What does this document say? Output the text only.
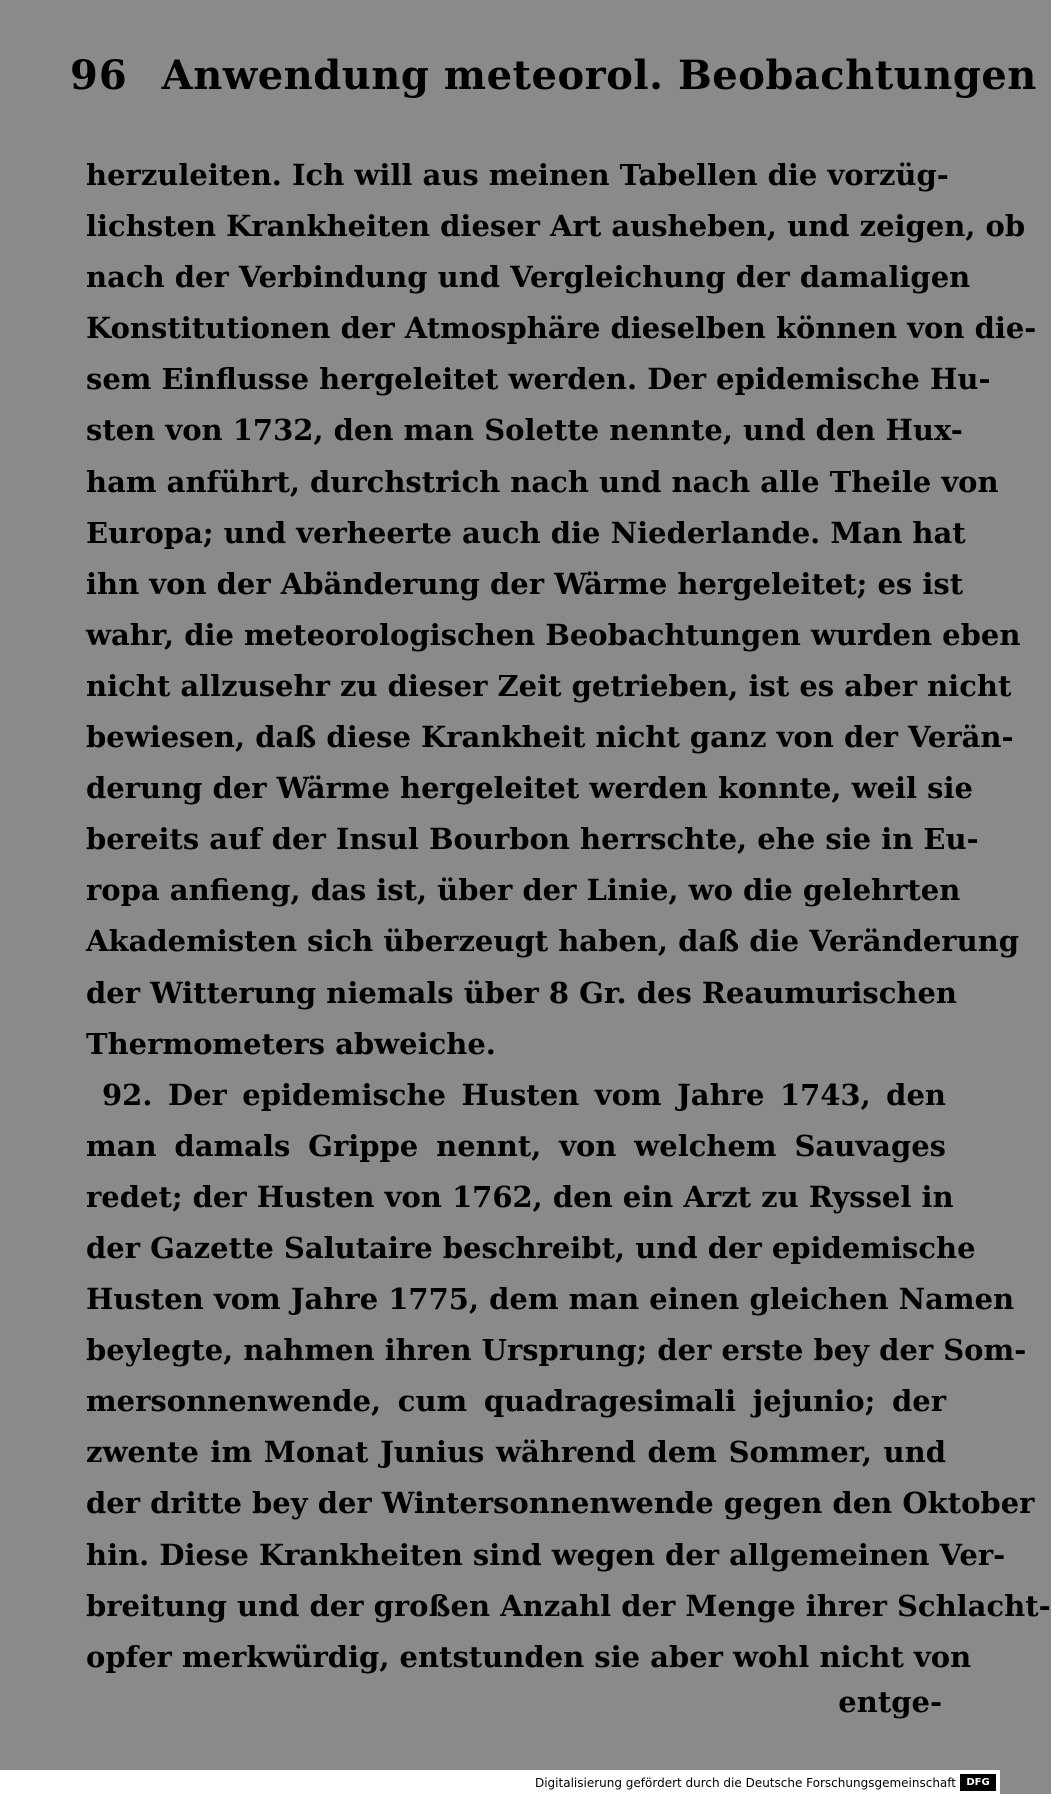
96 Anwendung meteorol. Beobachtungen
herzuleiten. Ich will aus meinen Tabellen die vorzüg-
lichsten Krankheiten dieser Art ausheben, und zeigen, ob
nach der Verbindung und Vergleichung der damaligen
Konstitutionen der Atmosphäre dieselben können von die-
sem Einflusse hergeleitet werden. Der epidemische Hu-
sten von 1732, den man Solette nennte, und den Hux-
ham anführt, durchstrich nach und nach alle Theile von
Europa; und verheerte auch die Niederlande. Man hat
ihn von der Abänderung der Wärme hergeleitet; es ist
wahr, die meteorologischen Beobachtungen wurden eben
nicht allzusehr zu dieser Zeit getrieben, ist es aber nicht
bewiesen, daß diese Krankheit nicht ganz von der Verän-
derung der Wärme hergeleitet werden konnte, weil sie
bereits auf der Insul Bourbon herrschte, ehe sie in Eu-
ropa anfieng, das ist, über der Linie, wo die gelehrten
Akademisten sich überzeugt haben, daß die Veränderung
der Witterung niemals über 8 Gr. des Reaumurischen
Thermometers abweiche.
92. Der epidemische Husten vom Jahre 1743, den
man damals Grippe nennt, von welchem Sauvages
redet; der Husten von 1762, den ein Arzt zu Ryssel in
der Gazette Salutaire beschreibt, und der epidemische
Husten vom Jahre 1775, dem man einen gleichen Namen
beylegte, nahmen ihren Ursprung; der erste bey der Som-
mersonnenwende, cum quadragesimali jejunio; der
zwente im Monat Junius während dem Sommer, und
der dritte bey der Wintersonnenwende gegen den Oktober
hin. Diese Krankheiten sind wegen der allgemeinen Ver-
breitung und der großen Anzahl der Menge ihrer Schlacht-
opfer merkwürdig, entstunden sie aber wohl nicht von
entge-
Digitalisierung gefördert durch die Deutsche Forschungsgemeinschaft	DFG
